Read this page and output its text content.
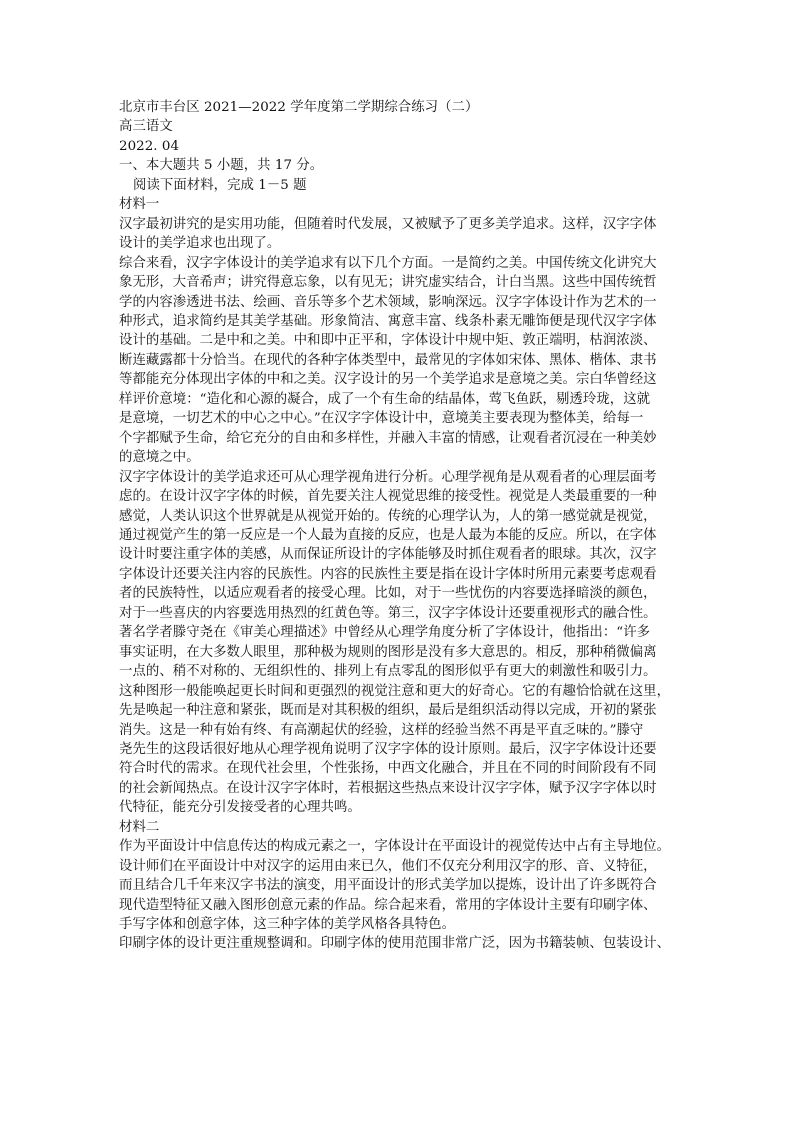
北京市丰台区 2021—2022 学年度第二学期综合练习（二）
高三语文
2022. 04
一、本大题共 5 小题，共 17 分。
阅读下面材料，完成 1－5 题
材料一
汉字最初讲究的是实用功能，但随着时代发展，又被赋予了更多美学追求。这样，汉字字体
设计的美学追求也出现了。
综合来看，汉字字体设计的美学追求有以下几个方面。一是简约之美。中国传统文化讲究大
象无形，大音希声；讲究得意忘象，以有见无；讲究虚实结合，计白当黑。这些中国传统哲
学的内容渗透进书法、绘画、音乐等多个艺术领域，影响深远。汉字字体设计作为艺术的一
种形式，追求简约是其美学基础。形象简洁、寓意丰富、线条朴素无雕饰便是现代汉字字体
设计的基础。二是中和之美。中和即中正平和，字体设计中规中矩、敦正端明，枯润浓淡、
断连藏露都十分恰当。在现代的各种字体类型中，最常见的字体如宋体、黑体、楷体、隶书
等都能充分体现出字体的中和之美。汉字设计的另一个美学追求是意境之美。宗白华曾经这
样评价意境：“造化和心源的凝合，成了一个有生命的结晶体，莺飞鱼跃，剔透玲珑，这就
是意境，一切艺术的中心之中心。”在汉字字体设计中，意境美主要表现为整体美，给每一
个字都赋予生命，给它充分的自由和多样性，并融入丰富的情感，让观看者沉浸在一种美妙
的意境之中。
汉字字体设计的美学追求还可从心理学视角进行分析。心理学视角是从观看者的心理层面考
虑的。在设计汉字字体的时候，首先要关注人视觉思维的接受性。视觉是人类最重要的一种
感觉，人类认识这个世界就是从视觉开始的。传统的心理学认为，人的第一感觉就是视觉，
通过视觉产生的第一反应是一个人最为直接的反应，也是人最为本能的反应。所以，在字体
设计时要注重字体的美感，从而保证所设计的字体能够及时抓住观看者的眼球。其次，汉字
字体设计还要关注内容的民族性。内容的民族性主要是指在设计字体时所用元素要考虑观看
者的民族特性，以适应观看者的接受心理。比如，对于一些忧伤的内容要选择暗淡的颜色，
对于一些喜庆的内容要选用热烈的红黄色等。第三，汉字字体设计还要重视形式的融合性。
著名学者滕守尧在《审美心理描述》中曾经从心理学角度分析了字体设计，他指出：“许多
事实证明，在大多数人眼里，那种极为规则的图形是没有多大意思的。相反，那种稍微偏离
一点的、稍不对称的、无组织性的、排列上有点零乱的图形似乎有更大的刺激性和吸引力。
这种图形一般能唤起更长时间和更强烈的视觉注意和更大的好奇心。它的有趣恰恰就在这里，
先是唤起一种注意和紧张，既而是对其积极的组织，最后是组织活动得以完成，开初的紧张
消失。这是一种有始有终、有高潮起伏的经验，这样的经验当然不再是平直乏味的。”滕守
尧先生的这段话很好地从心理学视角说明了汉字字体的设计原则。最后，汉字字体设计还要
符合时代的需求。在现代社会里，个性张扬，中西文化融合，并且在不同的时间阶段有不同
的社会新闻热点。在设计汉字字体时，若根据这些热点来设计汉字字体，赋予汉字字体以时
代特征，能充分引发接受者的心理共鸣。
材料二
作为平面设计中信息传达的构成元素之一，字体设计在平面设计的视觉传达中占有主导地位。
设计师们在平面设计中对汉字的运用由来已久，他们不仅充分利用汉字的形、音、义特征，
而且结合几千年来汉字书法的演变，用平面设计的形式美学加以提炼，设计出了许多既符合
现代造型特征又融入图形创意元素的作品。综合起来看，常用的字体设计主要有印刷字体、
手写字体和创意字体，这三种字体的美学风格各具特色。
印刷字体的设计更注重规整调和。印刷字体的使用范围非常广泛，因为书籍装帧、包装设计、
